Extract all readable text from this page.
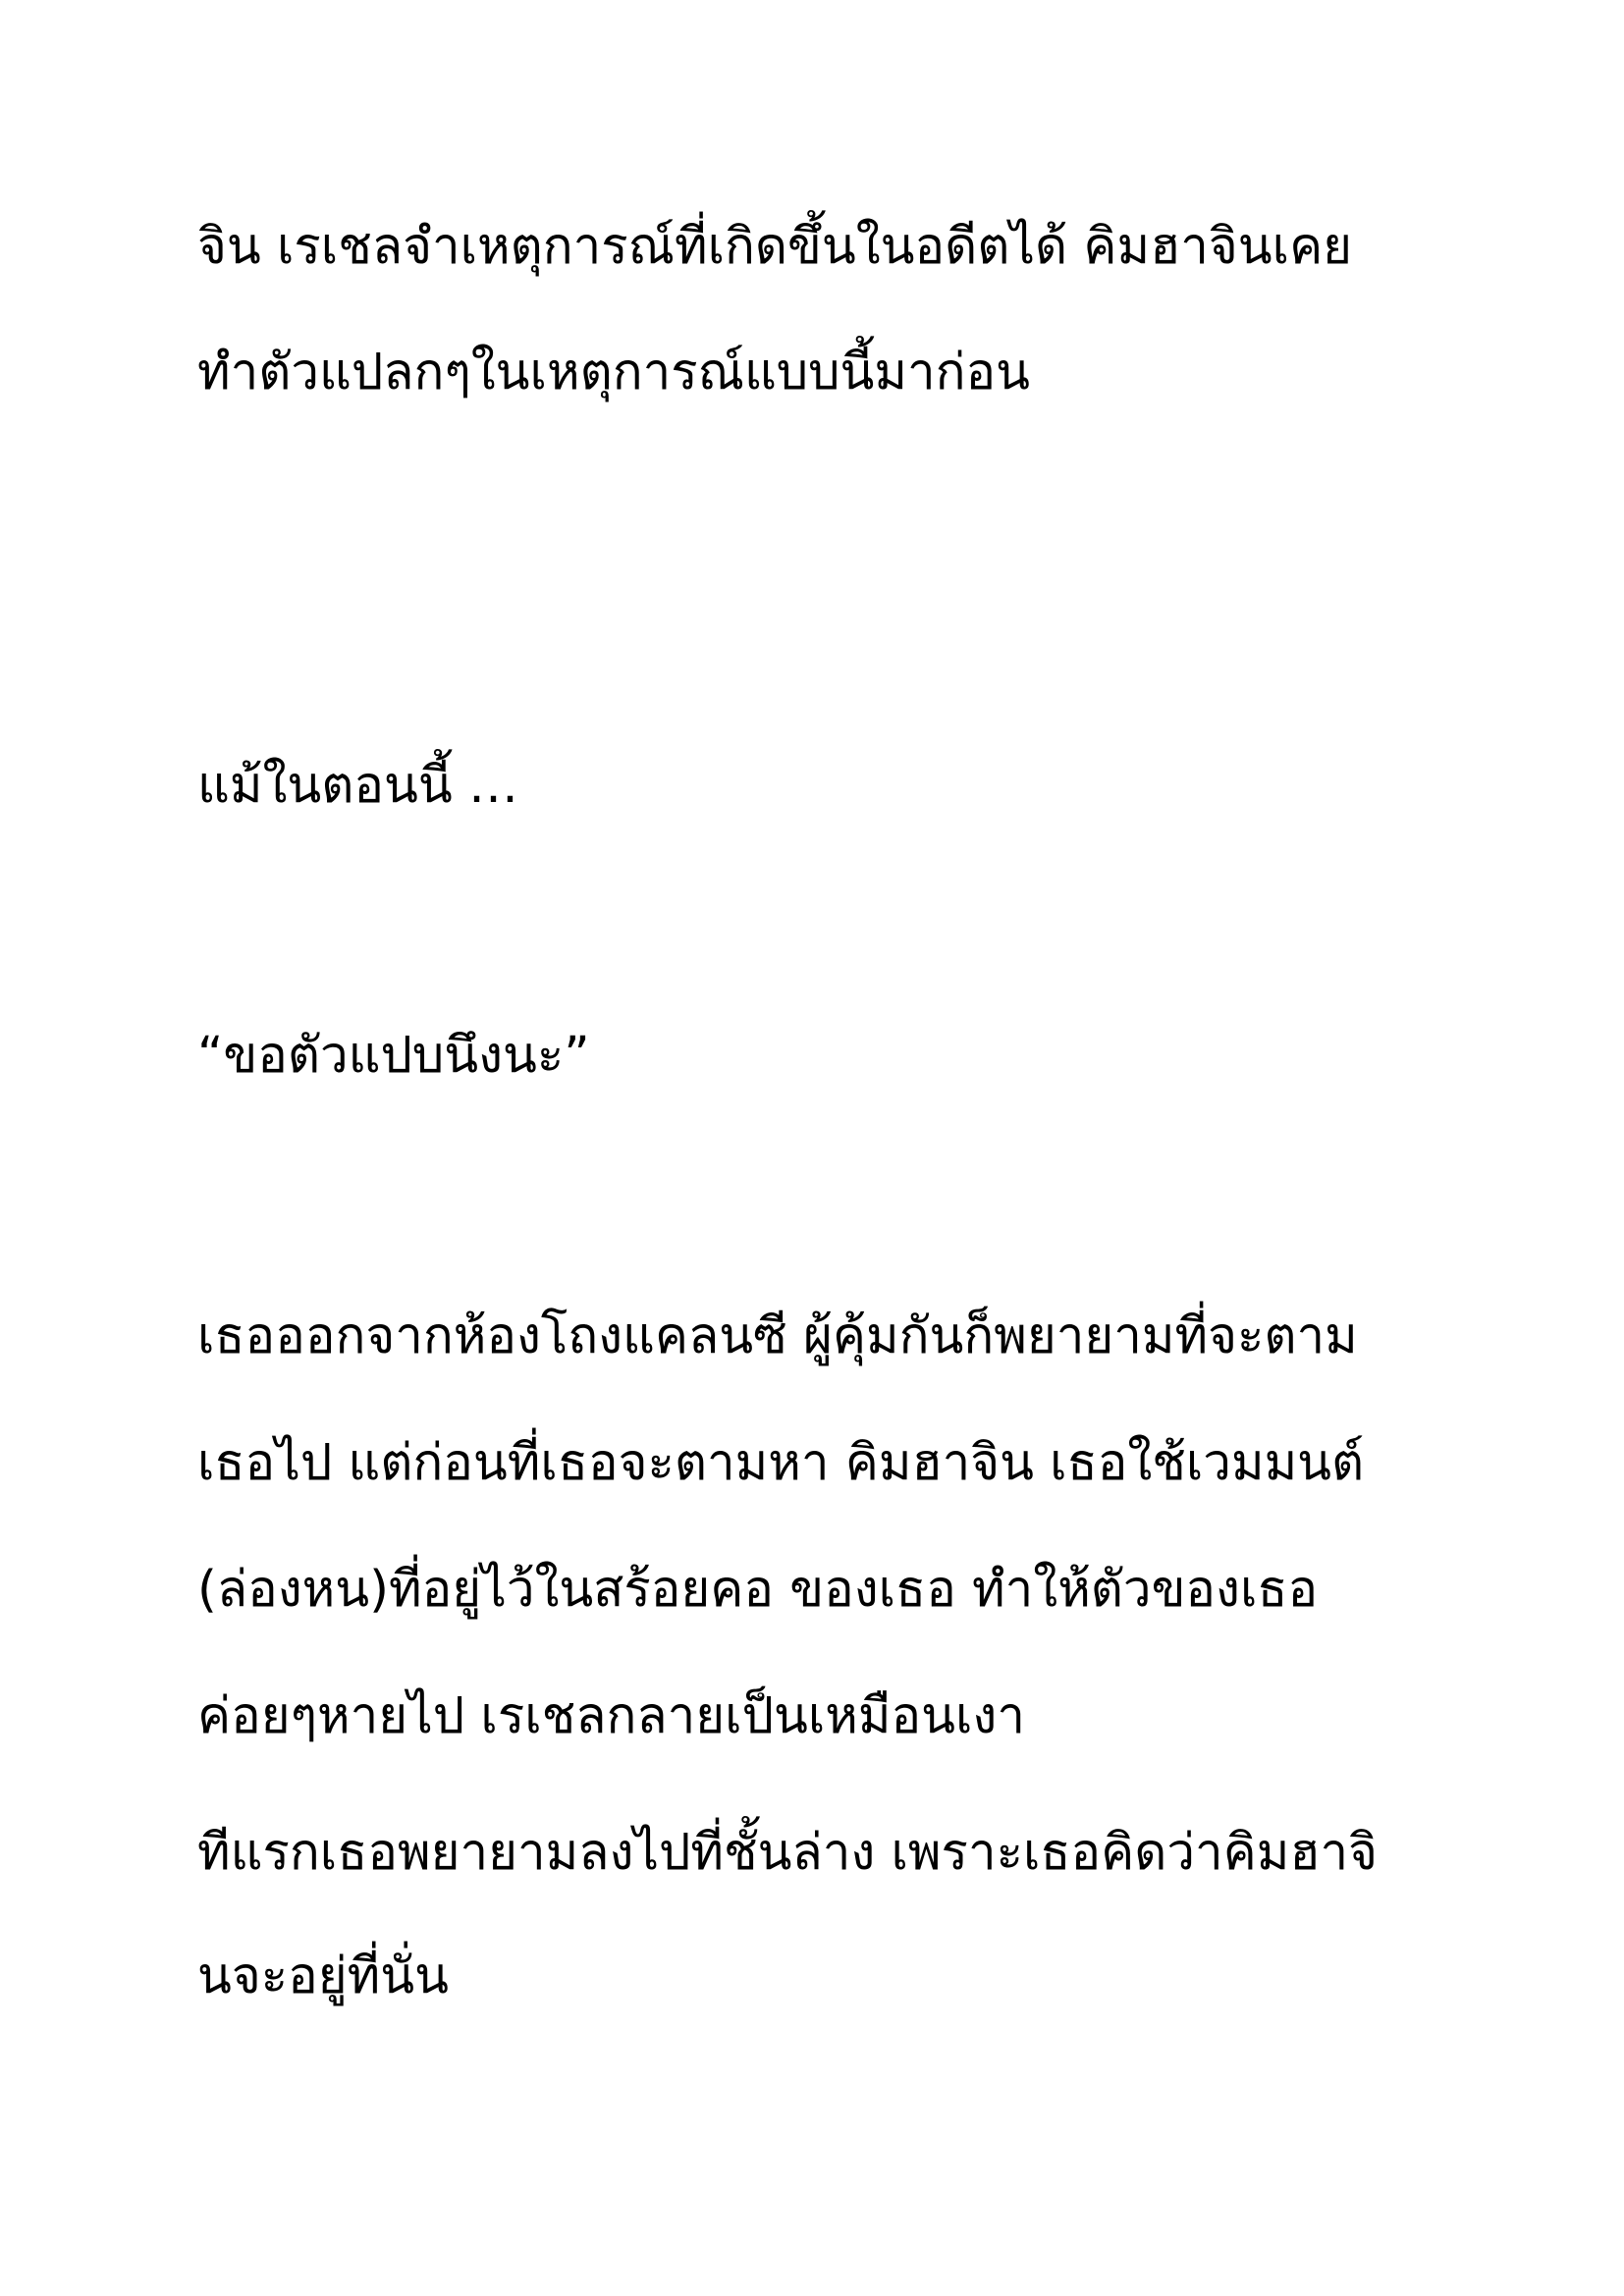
จิน เรเชลจำเหตุการณ์ที่เกิดขึ้นในอดีตได้ คิมฮาจินเคย
ทำตัวแปลกๆในเหตุการณ์แบบนี้มาก่อน
แม้ในตอนนี้ …
“ขอตัวแปบนึงนะ”
เธอออกจากห้องโถงแคลนซี ผู้คุ้มกันก็พยายามที่จะตาม
เธอไป แต่ก่อนที่เธอจะตามหา คิมฮาจิน เธอใช้เวมมนต์
(ล่องหน)ที่อยู่ไว้ในสร้อยคอ ของเธอ ทำให้ตัวของเธอ
ค่อยๆหายไป เรเชลกลายเป็นเหมือนเงา
ทีแรกเธอพยายามลงไปที่ชั้นล่าง เพราะเธอคิดว่าคิมฮาจิ
นจะอยู่ที่นั่น
